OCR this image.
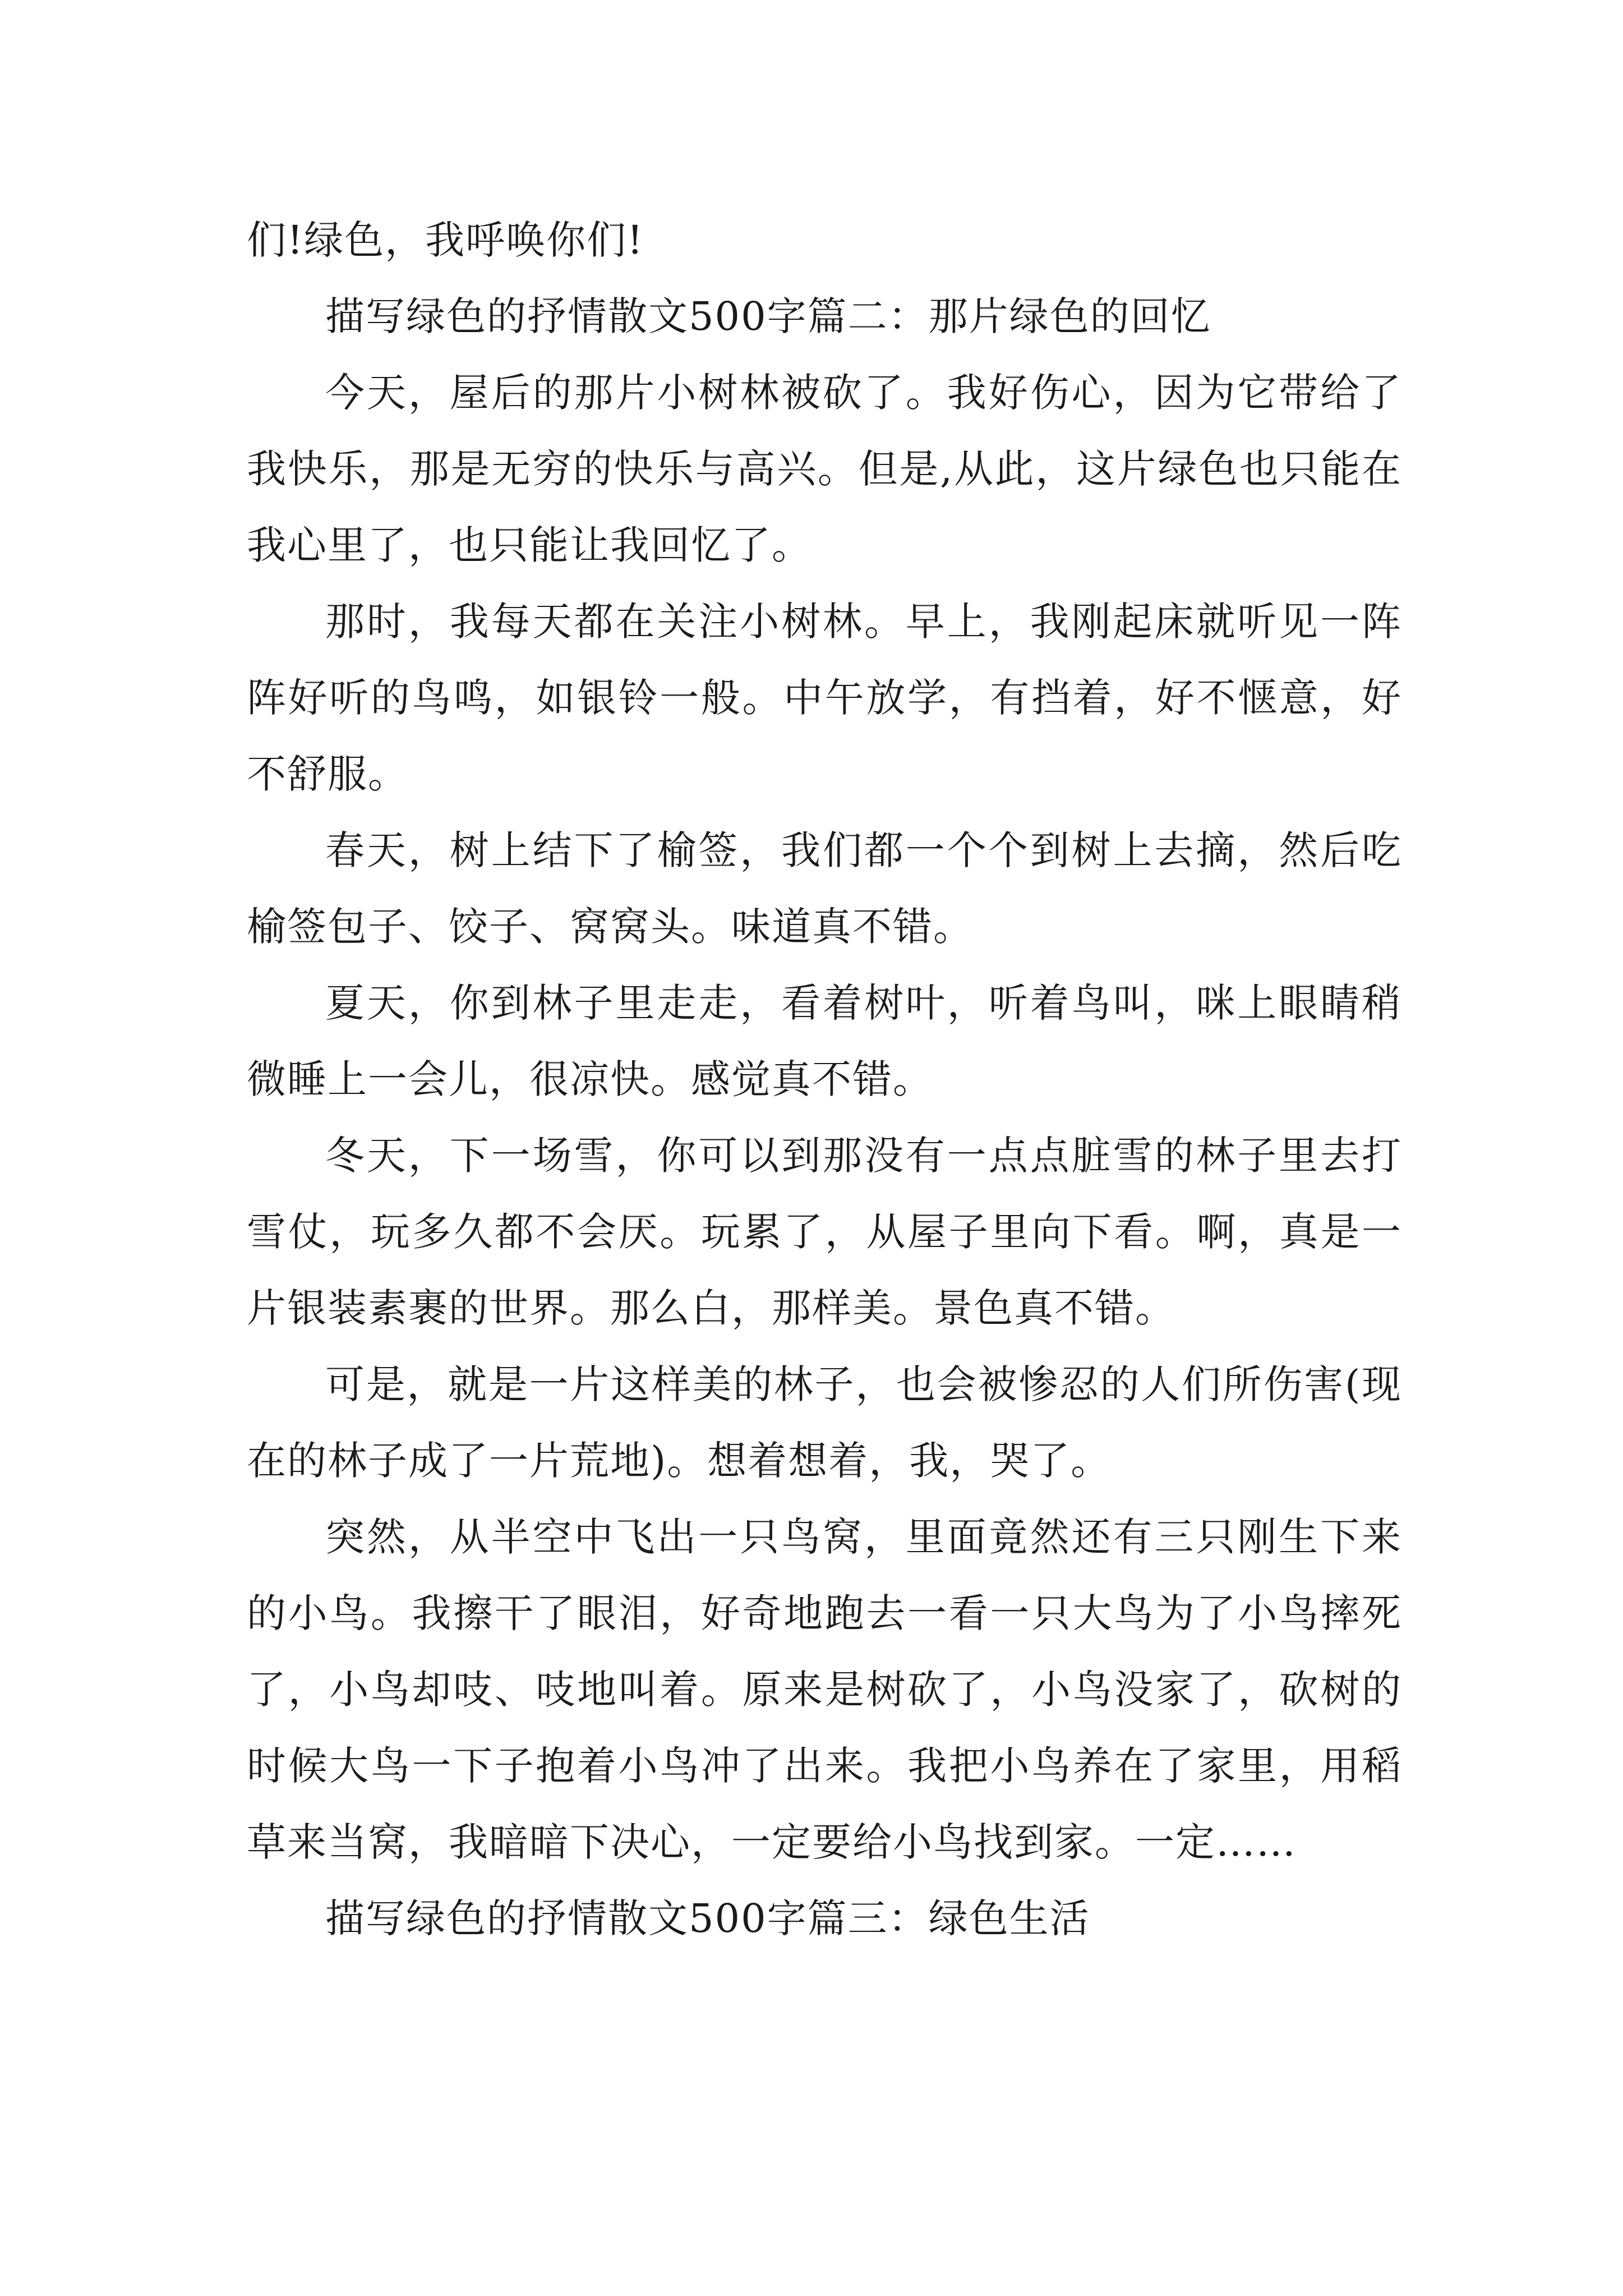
们!绿色，我呼唤你们!

描写绿色的抒情散文500字篇二：那片绿色的回忆

今天，屋后的那片小树林被砍了。我好伤心，因为它带给了我快乐，那是无穷的快乐与高兴。但是,从此，这片绿色也只能在我心里了，也只能让我回忆了。

那时，我每天都在关注小树林。早上，我刚起床就听见一阵阵好听的鸟鸣，如银铃一般。中午放学，有挡着，好不惬意，好不舒服。

春天，树上结下了榆签，我们都一个个到树上去摘，然后吃榆签包子、饺子、窝窝头。味道真不错。

夏天，你到林子里走走，看着树叶，听着鸟叫，咪上眼睛稍微睡上一会儿，很凉快。感觉真不错。

冬天，下一场雪，你可以到那没有一点点脏雪的林子里去打雪仗，玩多久都不会厌。玩累了，从屋子里向下看。啊，真是一片银装素裹的世界。那么白，那样美。景色真不错。

可是，就是一片这样美的林子，也会被惨忍的人们所伤害(现在的林子成了一片荒地)。想着想着，我，哭了。

突然，从半空中飞出一只鸟窝，里面竟然还有三只刚生下来的小鸟。我擦干了眼泪，好奇地跑去一看一只大鸟为了小鸟摔死了，小鸟却吱、吱地叫着。原来是树砍了，小鸟没家了，砍树的时候大鸟一下子抱着小鸟冲了出来。我把小鸟养在了家里，用稻草来当窝，我暗暗下决心，一定要给小鸟找到家。一定……

描写绿色的抒情散文500字篇三：绿色生活
